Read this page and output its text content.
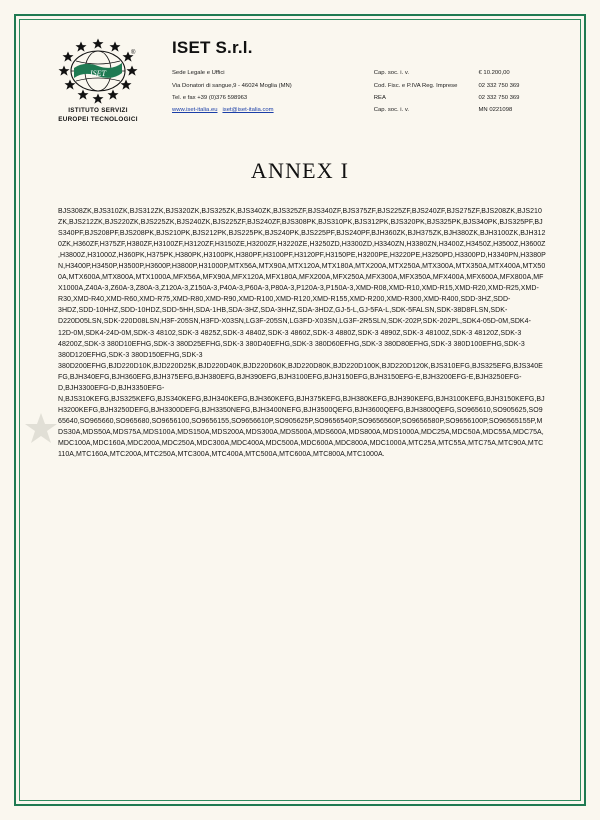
ISET
®
ISTITUTO SERVIZI
EUROPEI TECNOLOGICI
ISET S.r.l.
Sede Legale e Uffici	Cap. soc. i. v.	€ 10.200,00
Via Donatori di sangue,9 - 46024 Moglia (MN)	Cod. Fisc. e P.IVA Reg. Imprese	02 332 750 369
Tel. e fax +39 (0)376 598963	REA	02 332 750 369
www.iset-italia.eu iset@iset-italia.com	Cap. soc. i. v.	MN 0221098
ANNEX I
BJS308ZK,BJS310ZK,BJS312ZK,BJS320ZK,BJS325ZK,BJS340ZK,BJS325ZF,BJS340ZF,BJS375ZF,BJS225ZF,BJS240ZF,BJS275ZF,BJS208ZK,BJS210ZK,BJS212ZK,BJS220ZK,BJS225ZK,BJS240ZK,BJS225ZF,BJS240ZF,BJS308PK,BJS310PK,BJS312PK,BJS320PK,BJS325PK,BJS340PK,BJS325PF,BJS340PF,BJS208PF,BJS208PK,BJS210PK,BJS212PK,BJS225PK,BJS240PK,BJS225PF,BJS240PF,BJH360ZK,BJH375ZK,BJH380ZK,BJH3100ZK,BJH3120ZK,H360ZF,H375ZF,H380ZF,H3100ZF,H3120ZF,H3150ZE,H3200ZF,H3220ZE,H3250ZD,H3300ZD,H3340ZN,H3380ZN,H3400Z,H3450Z,H3500Z,H3600Z,H3800Z,H31000Z,H360PK,H375PK,H380PK,H3100PK,H380PF,H3100PF,H3120PF,H3150PE,H3200PE,H3220PE,H3250PD,H3300PD,H3340PN,H3380PN,H3400P,H3450P,H3500P,H3600P,H3800P,H31000P,MTX56A,MTX90A,MTX120A,MTX180A,MTX200A,MTX250A,MTX300A,MTX350A,MTX400A,MTX500A,MTX600A,MTX800A,MTX1000A,MFX56A,MFX90A,MFX120A,MFX180A,MFX200A,MFX250A,MFX300A,MFX350A,MFX400A,MFX600A,MFX800A,MFX1000A,Z40A-3,Z60A-3,Z80A-3,Z120A-3,Z150A-3,P40A-3,P60A-3,P80A-3,P120A-3,P150A-3,XMD-R08,XMD-R10,XMD-R15,XMD-R20,XMD-R25,XMD-R30,XMD-R40,XMD-R60,XMD-R75,XMD-R80,XMD-R90,XMD-R100,XMD-R120,XMD-R155,XMD-R200,XMD-R300,XMD-R400,SDD-3HZ,SDD-3HDZ,SDD-10HHZ,SDD-10HDZ,SDD-5HH,SDA-1HB,SDA-3HZ,SDA-3HHZ,SDA-3HDZ,GJ-5-L,GJ-5FA-L,SDK-5FALSN,SDK-38D8FLSN,SDK-D220D05LSN,SDK-220D08LSN,H3F-205SN,H3FD-X03SN,LG3F-205SN,LG3FD-X03SN,LG3F-2R5SLN,SDK-202P,SDK-202PL,SDK4-05D-0M,SDK4-12D-0M,SDK4-24D-0M,SDK-3 48102,SDK-3 4825Z,SDK-3 4840Z,SDK-3 4860Z,SDK-3 4880Z,SDK-3 4890Z,SDK-3 48100Z,SDK-3 48120Z,SDK-3 48200Z,SDK-3 380D10EFHG,SDK-3 380D25EFHG,SDK-3 380D40EFHG,SDK-3 380D60EFHG,SDK-3 380D80EFHG,SDK-3 380D100EFHG,SDK-3 380D120EFHG,SDK-3 380D150EFHG,SDK-3 380D200EFHG,BJD220D10K,BJD220D25K,BJD220D40K,BJD220D60K,BJD220D80K,BJD220D100K,BJD220D120K,BJS310EFG,BJS325EFG,BJS340EFG,BJH340EFG,BJH360EFG,BJH375EFG,BJH380EFG,BJH390EFG,BJH3100EFG,BJH3150EFG,BJH3150EFG-E,BJH3200EFG-E,BJH3250EFG-D,BJH3300EFG-D,BJH3350EFG-N,BJS310KEFG,BJS325KEFG,BJS340KEFG,BJH340KEFG,BJH360KEFG,BJH375KEFG,BJH380KEFG,BJH390KEFG,BJH3100KEFG,BJH3150KEFG,BJH3200KEFG,BJH3250DEFG,BJH3300DEFG,BJH3350NEFG,BJH3400NEFG,BJH3500QEFG,BJH3600QEFG,BJH3800QEFG,SO965610,SO905625,SO965640,SO965660,SO965680,SO9656100,SO9656155,SO9656610P,SO905625P,SO9656540P,SO9656560P,SO9656580P,SO9656100P,SO96565155P,MDS30A,MDS50A,MDS75A,MDS100A,MDS150A,MDS200A,MDS300A,MDS500A,MDS600A,MDS800A,MDS1000A,MDC25A,MDC50A,MDC55A,MDC75A,MDC100A,MDC160A,MDC200A,MDC250A,MDC300A,MDC400A,MDC500A,MDC600A,MDC800A,MDC1000A,MTC25A,MTC55A,MTC75A,MTC90A,MTC110A,MTC160A,MTC200A,MTC250A,MTC300A,MTC400A,MTC500A,MTC600A,MTC800A,MTC1000A.
